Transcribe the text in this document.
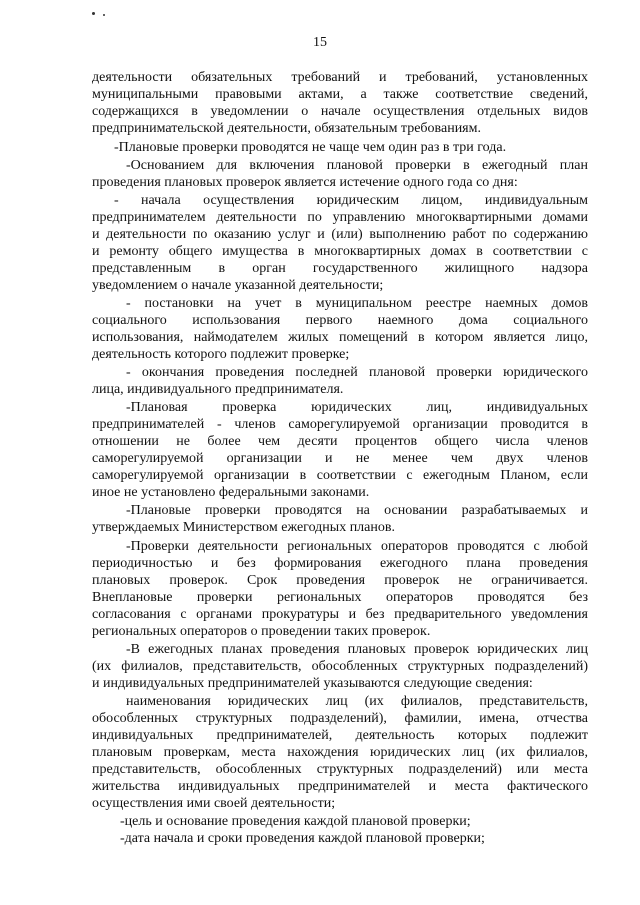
15
деятельности обязательных требований и требований, установленных
муниципальными правовыми актами, а также соответствие сведений,
содержащихся в уведомлении о начале осуществления отдельных видов
предпринимательской деятельности, обязательным требованиям.
-Плановые проверки проводятся не чаще чем один раз в три года.
-Основанием для включения плановой проверки в ежегодный план
проведения плановых проверок является истечение одного года со дня:
- начала осуществления юридическим лицом, индивидуальным
предпринимателем деятельности по управлению многоквартирными домами
и деятельности по оказанию услуг и (или) выполнению работ по содержанию
и ремонту общего имущества в многоквартирных домах в соответствии с
представленным в орган государственного жилищного надзора
уведомлением о начале указанной деятельности;
- постановки на учет в муниципальном реестре наемных домов
социального использования первого наемного дома социального
использования, наймодателем жилых помещений в котором является лицо,
деятельность которого подлежит проверке;
- окончания проведения последней плановой проверки юридического
лица, индивидуального предпринимателя.
-Плановая проверка юридических лиц, индивидуальных
предпринимателей - членов саморегулируемой организации проводится в
отношении не более чем десяти процентов общего числа членов
саморегулируемой организации и не менее чем двух членов
саморегулируемой организации в соответствии с ежегодным Планом, если
иное не установлено федеральными законами.
-Плановые проверки проводятся на основании разрабатываемых и
утверждаемых Министерством ежегодных планов.
-Проверки деятельности региональных операторов проводятся с любой
периодичностью и без формирования ежегодного плана проведения
плановых проверок. Срок проведения проверок не ограничивается.
Внеплановые проверки региональных операторов проводятся без
согласования с органами прокуратуры и без предварительного уведомления
региональных операторов о проведении таких проверок.
-В ежегодных планах проведения плановых проверок юридических лиц
(их филиалов, представительств, обособленных структурных подразделений)
и индивидуальных предпринимателей указываются следующие сведения:
наименования юридических лиц (их филиалов, представительств,
обособленных структурных подразделений), фамилии, имена, отчества
индивидуальных предпринимателей, деятельность которых подлежит
плановым проверкам, места нахождения юридических лиц (их филиалов,
представительств, обособленных структурных подразделений) или места
жительства индивидуальных предпринимателей и места фактического
осуществления ими своей деятельности;
-цель и основание проведения каждой плановой проверки;
-дата начала и сроки проведения каждой плановой проверки;
